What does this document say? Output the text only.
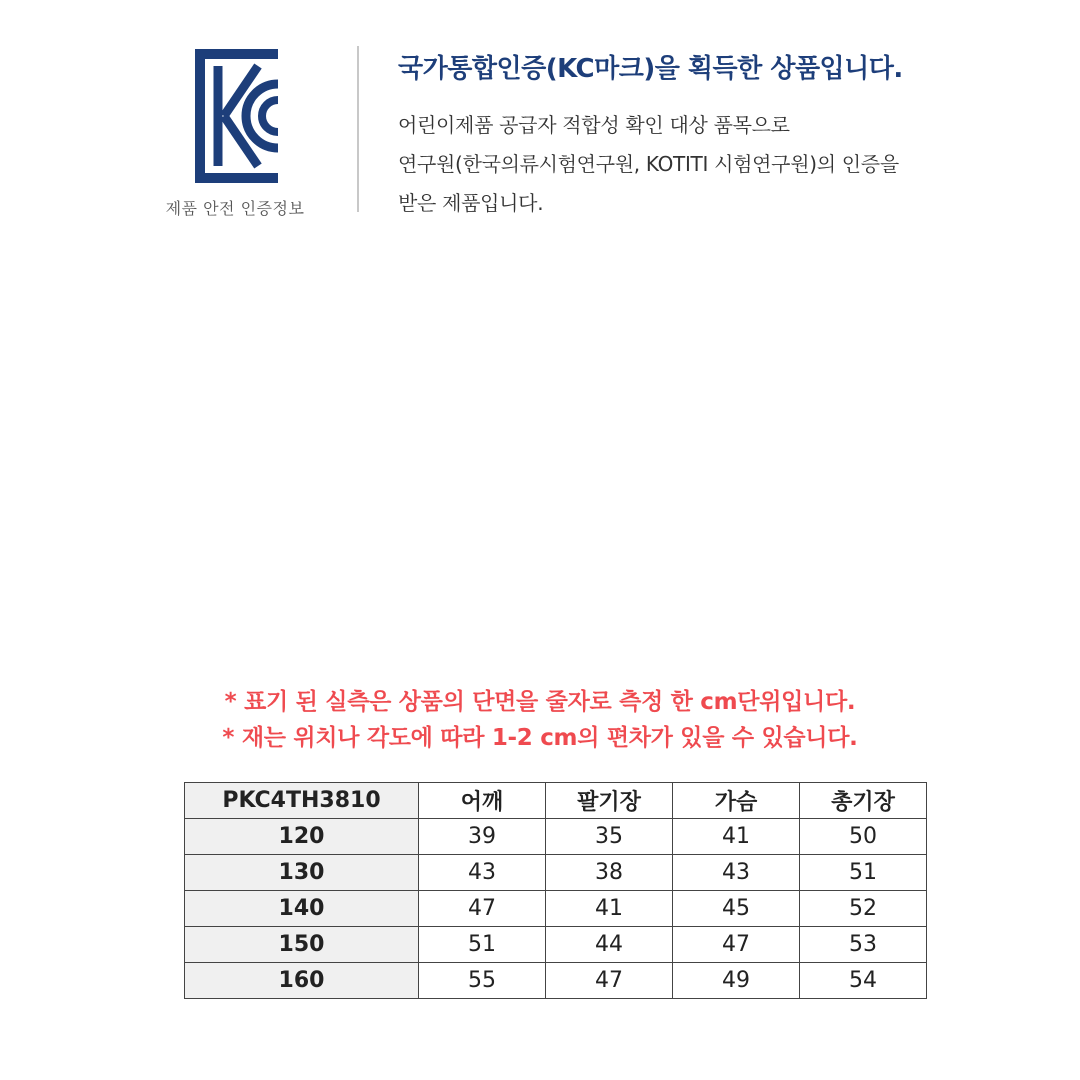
제품 안전 인증정보
국가통합인증(KC마크)을 획득한 상품입니다.
어린이제품 공급자 적합성 확인 대상 품목으로
연구원(한국의류시험연구원, KOTITI 시험연구원)의 인증을
받은 제품입니다.
* 표기 된 실측은 상품의 단면을 줄자로 측정 한 cm단위입니다.
* 재는 위치나 각도에 따라 1-2 cm의 편차가 있을 수 있습니다.
PKC4TH3810	어깨	팔기장	가슴	총기장
120	39	35	41	50
130	43	38	43	51
140	47	41	45	52
150	51	44	47	53
160	55	47	49	54
